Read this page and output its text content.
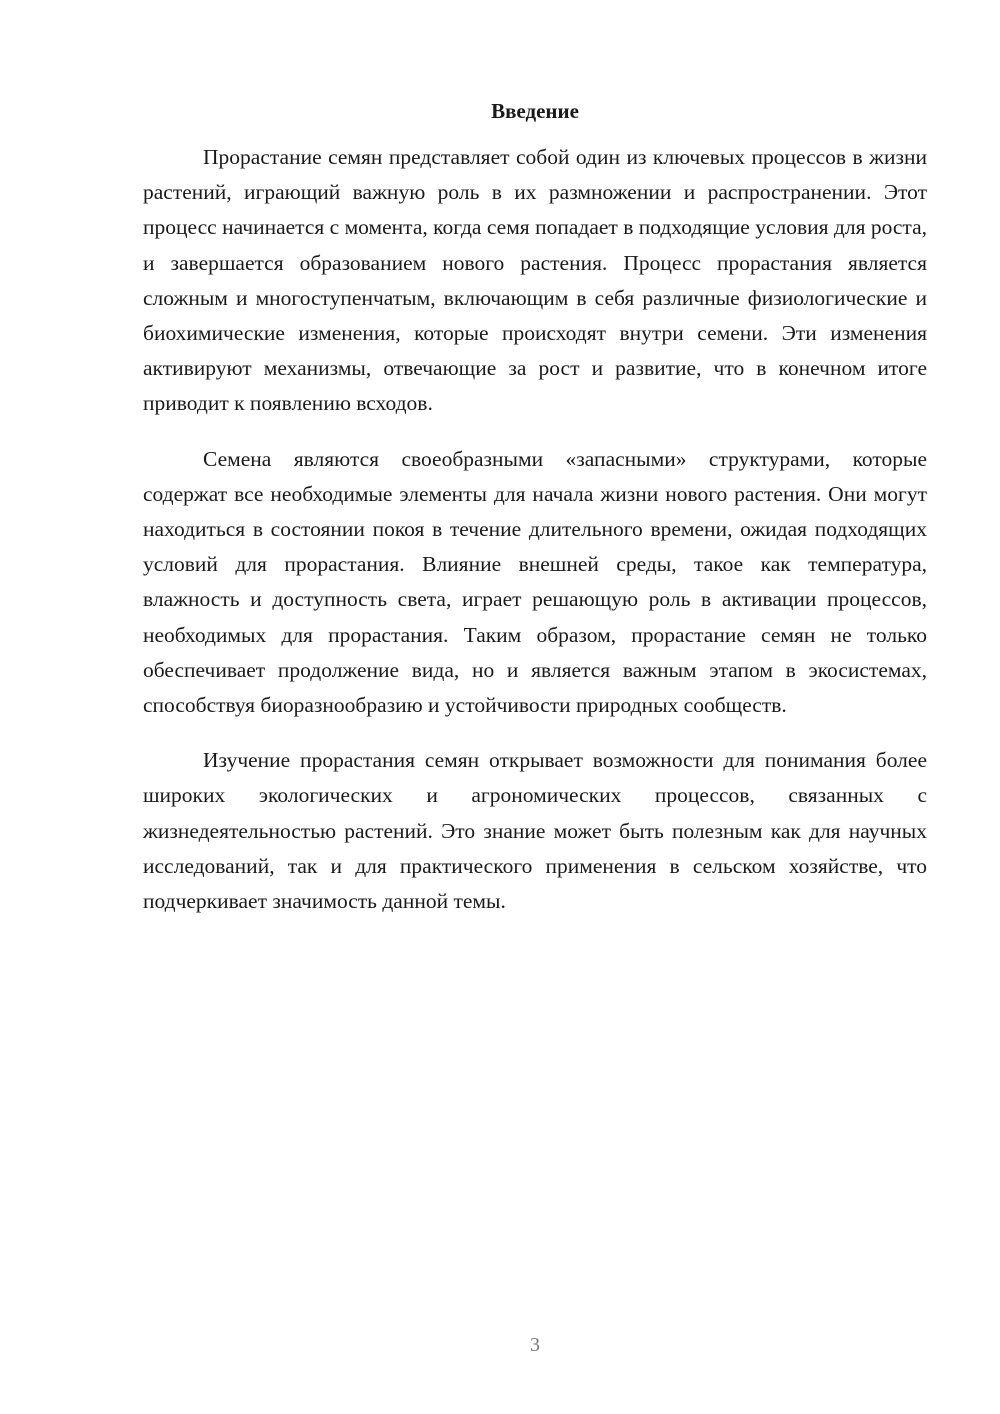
Введение

Прорастание семян представляет собой один из ключевых процессов в жизни растений, играющий важную роль в их размножении и распространении. Этот процесс начинается с момента, когда семя попадает в подходящие условия для роста, и завершается образованием нового растения. Процесс прорастания является сложным и многоступенчатым, включающим в себя различные физиологические и биохимические изменения, которые происходят внутри семени. Эти изменения активируют механизмы, отвечающие за рост и развитие, что в конечном итоге приводит к появлению всходов.

Семена являются своеобразными «запасными» структурами, которые содержат все необходимые элементы для начала жизни нового растения. Они могут находиться в состоянии покоя в течение длительного времени, ожидая подходящих условий для прорастания. Влияние внешней среды, такое как температура, влажность и доступность света, играет решающую роль в активации процессов, необходимых для прорастания. Таким образом, прорастание семян не только обеспечивает продолжение вида, но и является важным этапом в экосистемах, способствуя биоразнообразию и устойчивости природных сообществ.

Изучение прорастания семян открывает возможности для понимания более широких экологических и агрономических процессов, связанных с жизнедеятельностью растений. Это знание может быть полезным как для научных исследований, так и для практического применения в сельском хозяйстве, что подчеркивает значимость данной темы.

3
